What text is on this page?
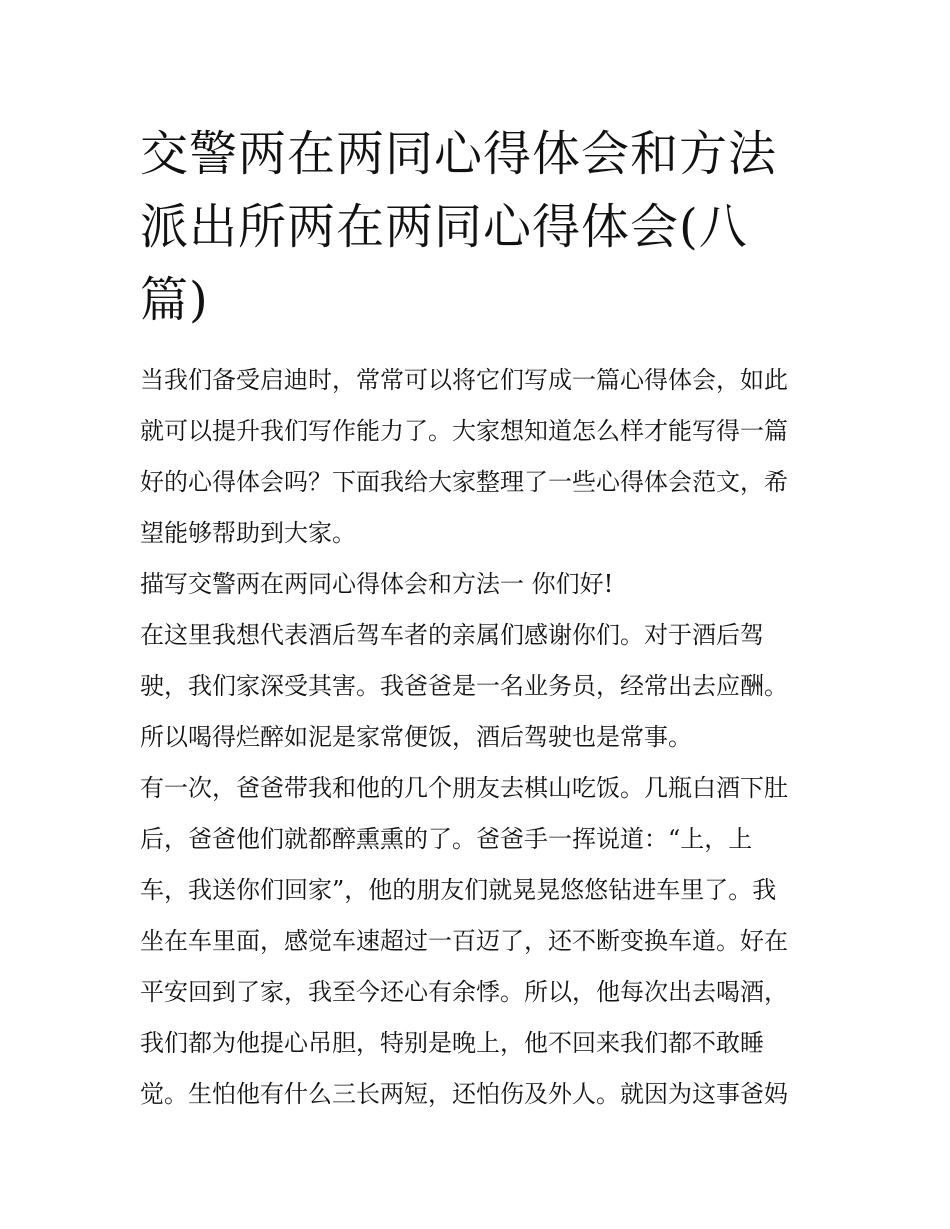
交警两在两同心得体会和方法
派出所两在两同心得体会(八
篇)
当我们备受启迪时，常常可以将它们写成一篇心得体会，如此
就可以提升我们写作能力了。大家想知道怎么样才能写得一篇
好的心得体会吗？下面我给大家整理了一些心得体会范文，希
望能够帮助到大家。
描写交警两在两同心得体会和方法一 你们好!
在这里我想代表酒后驾车者的亲属们感谢你们。对于酒后驾
驶，我们家深受其害。我爸爸是一名业务员，经常出去应酬。
所以喝得烂醉如泥是家常便饭，酒后驾驶也是常事。
有一次，爸爸带我和他的几个朋友去棋山吃饭。几瓶白酒下肚
后，爸爸他们就都醉熏熏的了。爸爸手一挥说道：“上，上
车，我送你们回家”，他的朋友们就晃晃悠悠钻进车里了。我
坐在车里面，感觉车速超过一百迈了，还不断变换车道。好在
平安回到了家，我至今还心有余悸。所以，他每次出去喝酒，
我们都为他提心吊胆，特别是晚上，他不回来我们都不敢睡
觉。生怕他有什么三长两短，还怕伤及外人。就因为这事爸妈
